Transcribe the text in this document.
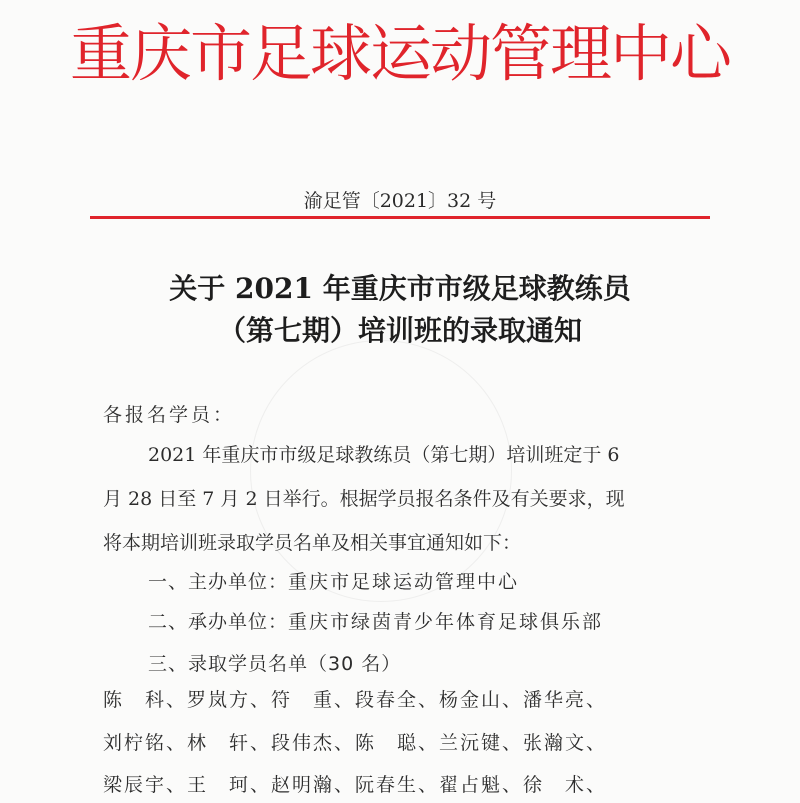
重庆市足球运动管理中心
渝足管〔2021〕32 号
关于 2021 年重庆市市级足球教练员
（第七期）培训班的录取通知
各报名学员：
2021 年重庆市市级足球教练员（第七期）培训班定于 6
月 28 日至 7 月 2 日举行。根据学员报名条件及有关要求，现
将本期培训班录取学员名单及相关事宜通知如下：
一、主办单位：重庆市足球运动管理中心
二、承办单位：重庆市绿茵青少年体育足球俱乐部
三、录取学员名单（30 名）
陈　科、罗岚方、符　重、段春全、杨金山、潘华亮、
刘柠铭、林　轩、段伟杰、陈　聪、兰沅键、张瀚文、
梁辰宇、王　珂、赵明瀚、阮春生、翟占魁、徐　术、
